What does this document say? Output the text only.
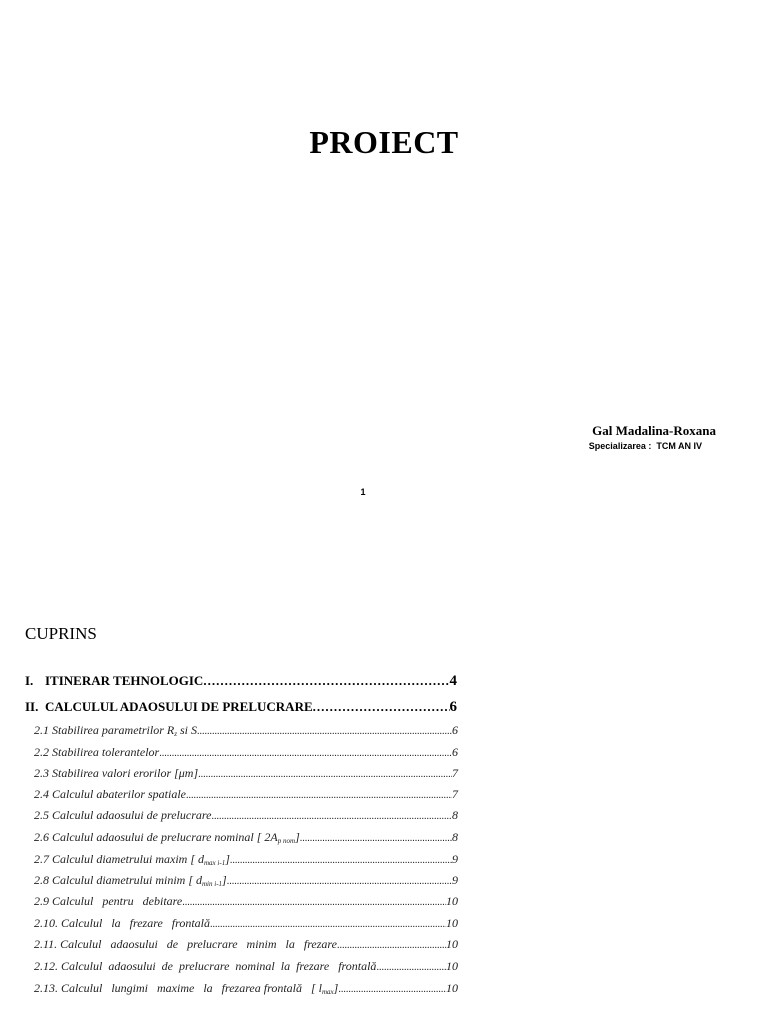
PROIECT
Gal Madalina-Roxana
Specializarea :  TCM AN IV
1
CUPRINS
I. ITINERAR TEHNOLOGIC .....	4
II. CALCULUL ADAOSULUI DE PRELUCRARE .....	6
2.1 Stabilirea parametrilor $R_z$ si S .....	6
2.2 Stabilirea tolerantelor .....	6
2.3 Stabilirea valori erorilor [μm] .....	7
2.4 Calculul abaterilor spatiale .....	7
2.5 Calculul adaosului de prelucrare .....	8
2.6 Calculul adaosului de prelucrare nominal [ $2A_{p nom}$] .....	8
2.7 Calculul diametrului maxim [ $d_{max i-1}$] .....	9
2.8 Calculul diametrului minim [ $d_{min i-1}$] .....	9
2.9 Calculul   pentru   debitare .....	10
2.10. Calculul   la   frezare   frontală .....	10
2.11. Calculul   adaosului   de   prelucrare   minim   la   frezare .....	10
2.12. Calculul  adaosului  de  prelucrare  nominal  la  frezare   frontală .....	10
2.13. Calculul   lungimi   maxime   la   frezarea frontală   [ $l_{max}$] .....	10
